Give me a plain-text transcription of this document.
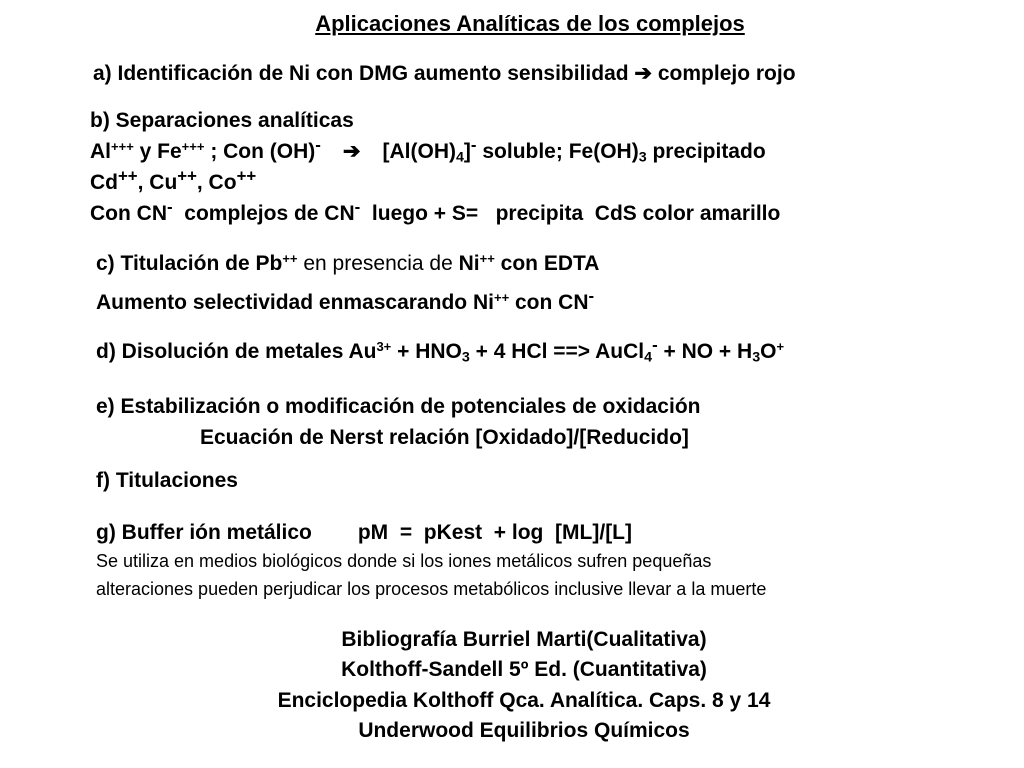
Aplicaciones Analíticas de los complejos
a) Identificación de Ni con DMG aumento sensibilidad ➔ complejo rojo
b) Separaciones analíticas
Al+++ y Fe+++ ; Con (OH)- ➔ $[Al(OH)_4]^-$ soluble; $Fe(OH)_3$ precipitado
Cd++, Cu++, Co++
Con CN-  complejos de CN-  luego + S=   precipita  CdS color amarillo
c) Titulación de Pb++ en presencia de Ni++ con EDTA
Aumento selectividad enmascarando Ni++ con CN-
d) Disolución de metales $Au^{3+} + HNO_3 + 4$ HCl ==> AuCl$_4$- + NO + $H_3O^+$
e) Estabilización o modificación de potenciales de oxidación
Ecuación de Nerst relación [Oxidado]/[Reducido]
f) Titulaciones
g) Buffer ión metálico pM  =  pKest  + log  [ML]/[L]
Se utiliza en medios biológicos donde si los iones metálicos sufren pequeñas
alteraciones pueden perjudicar los procesos metabólicos inclusive llevar a la muerte
Bibliografía Burriel Marti(Cualitativa)
Kolthoff-Sandell 5º Ed. (Cuantitativa)
Enciclopedia Kolthoff Qca. Analítica. Caps. 8 y 14
Underwood Equilibrios Químicos
